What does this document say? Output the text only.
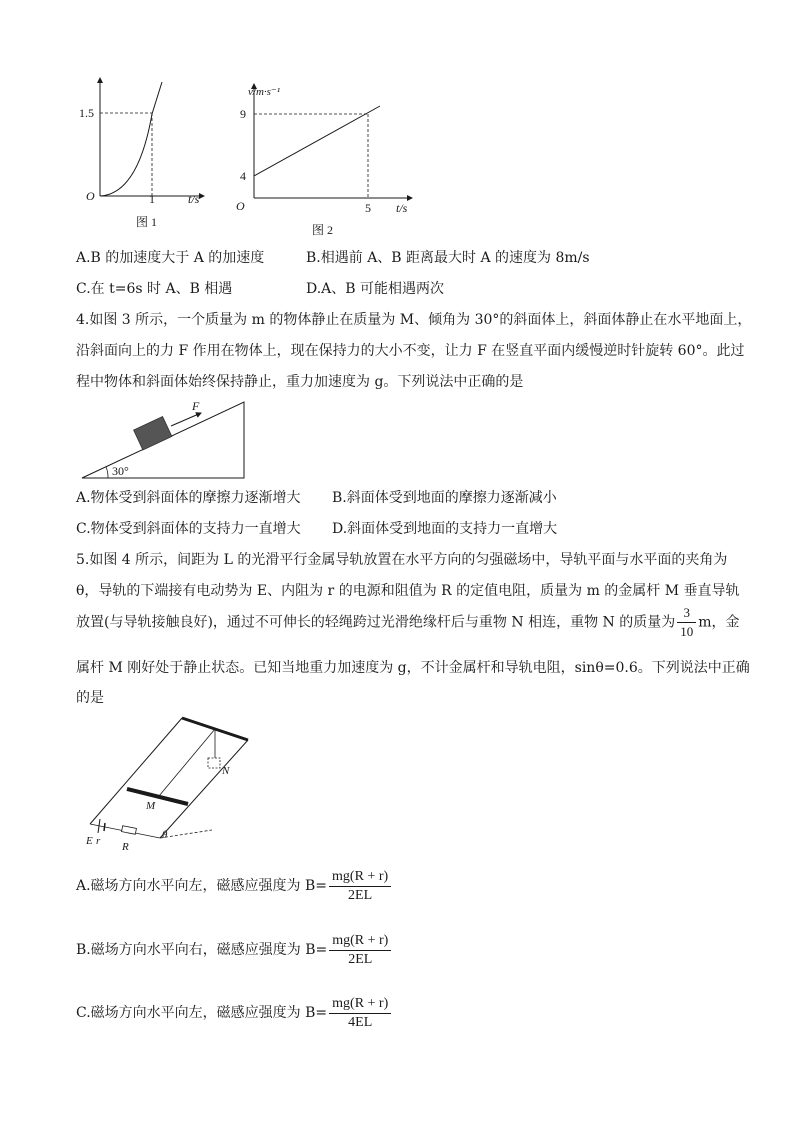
1.5
O	1	t/s
图 1
v/m·s⁻¹
9
4
O	5 t/s
图 2
A.B 的加速度大于 A 的加速度	B.相遇前 A、B 距离最大时 A 的速度为 8m/s
C.在 t=6s 时 A、B 相遇	D.A、B 可能相遇两次
4.如图 3 所示，一个质量为 m 的物体静止在质量为 M、倾角为 30°的斜面体上，斜面体静止在水平地面上，
沿斜面向上的力 F 作用在物体上，现在保持力的大小不变，让力 F 在竖直平面内缓慢逆时针旋转 60°。此过
程中物体和斜面体始终保持静止，重力加速度为 g。下列说法中正确的是
F
30°
A.物体受到斜面体的摩擦力逐渐增大 B.斜面体受到地面的摩擦力逐渐减小
C.物体受到斜面体的支持力一直增大 D.斜面体受到地面的支持力一直增大
5.如图 4 所示，间距为 L 的光滑平行金属导轨放置在水平方向的匀强磁场中，导轨平面与水平面的夹角为
θ，导轨的下端接有电动势为 E、内阻为 r 的电源和阻值为 R 的定值电阻，质量为 m 的金属杆 M 垂直导轨
放置(与导轨接触良好)，通过不可伸长的轻绳跨过光滑绝缘杆后与重物 N 相连，重物 N 的质量为 $\frac{3}{10}$ m，金
属杆 M 刚好处于静止状态。已知当地重力加速度为 g，不计金属杆和导轨电阻，sinθ=0.6。下列说法中正确
的是
N
M
E r R
θ
A.磁场方向水平向左，磁感应强度为 $B= \frac{mg(R + r)}{2EL}$
B.磁场方向水平向右，磁感应强度为 $B= \frac{mg(R + r)}{2EL}$
C.磁场方向水平向左，磁感应强度为 $B= \frac{mg(R + r)}{4EL}$
